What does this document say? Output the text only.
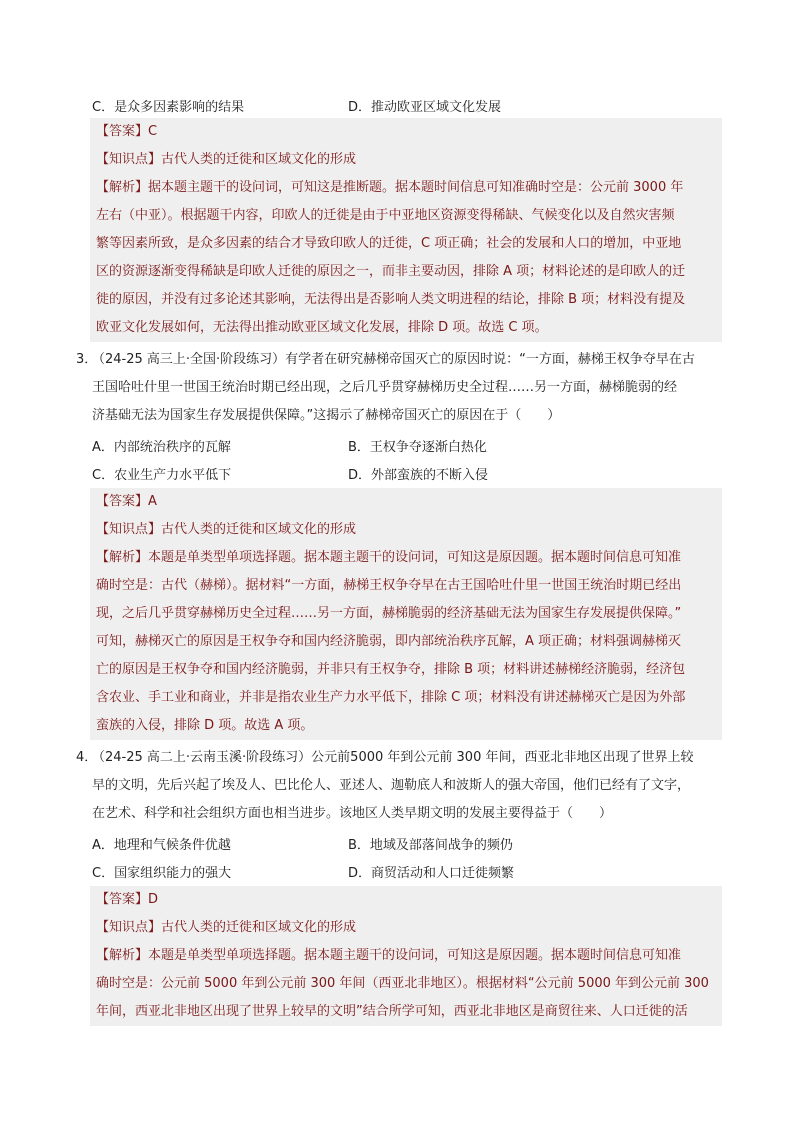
C．是众多因素影响的结果	D．推动欧亚区域文化发展
【答案】C
【知识点】古代人类的迁徙和区域文化的形成
【解析】据本题主题干的设问词，可知这是推断题。据本题时间信息可知准确时空是：公元前 3000 年
左右（中亚）。根据题干内容，印欧人的迁徙是由于中亚地区资源变得稀缺、气候变化以及自然灾害频
繁等因素所致，是众多因素的结合才导致印欧人的迁徙，C 项正确；社会的发展和人口的增加，中亚地
区的资源逐渐变得稀缺是印欧人迁徙的原因之一，而非主要动因，排除 A 项；材料论述的是印欧人的迁
徙的原因，并没有过多论述其影响，无法得出是否影响人类文明进程的结论，排除 B 项；材料没有提及
欧亚文化发展如何，无法得出推动欧亚区域文化发展，排除 D 项。故选 C 项。
3．（24-25 高三上·全国·阶段练习）有学者在研究赫梯帝国灭亡的原因时说：“一方面，赫梯王权争夺早在古
王国哈吐什里一世国王统治时期已经出现，之后几乎贯穿赫梯历史全过程……另一方面，赫梯脆弱的经
济基础无法为国家生存发展提供保障。”这揭示了赫梯帝国灭亡的原因在于（　　）
A．内部统治秩序的瓦解	B．王权争夺逐渐白热化
C．农业生产力水平低下	D．外部蛮族的不断入侵
【答案】A
【知识点】古代人类的迁徙和区域文化的形成
【解析】本题是单类型单项选择题。据本题主题干的设问词，可知这是原因题。据本题时间信息可知准
确时空是：古代（赫梯）。据材料“一方面，赫梯王权争夺早在古王国哈吐什里一世国王统治时期已经出
现，之后几乎贯穿赫梯历史全过程……另一方面，赫梯脆弱的经济基础无法为国家生存发展提供保障。”
可知，赫梯灭亡的原因是王权争夺和国内经济脆弱，即内部统治秩序瓦解，A 项正确；材料强调赫梯灭
亡的原因是王权争夺和国内经济脆弱，并非只有王权争夺，排除 B 项；材料讲述赫梯经济脆弱，经济包
含农业、手工业和商业，并非是指农业生产力水平低下，排除 C 项；材料没有讲述赫梯灭亡是因为外部
蛮族的入侵，排除 D 项。故选 A 项。
4．（24-25 高二上·云南玉溪·阶段练习）公元前5000 年到公元前 300 年间，西亚北非地区出现了世界上较
早的文明，先后兴起了埃及人、巴比伦人、亚述人、迦勒底人和波斯人的强大帝国，他们已经有了文字，
在艺术、科学和社会组织方面也相当进步。该地区人类早期文明的发展主要得益于（　　）
A．地理和气候条件优越	B．地域及部落间战争的频仍
C．国家组织能力的强大	D．商贸活动和人口迁徙频繁
【答案】D
【知识点】古代人类的迁徙和区域文化的形成
【解析】本题是单类型单项选择题。据本题主题干的设问词，可知这是原因题。据本题时间信息可知准
确时空是：公元前 5000 年到公元前 300 年间（西亚北非地区）。根据材料“公元前 5000 年到公元前 300
年间，西亚北非地区出现了世界上较早的文明”结合所学可知，西亚北非地区是商贸往来、人口迁徙的活
